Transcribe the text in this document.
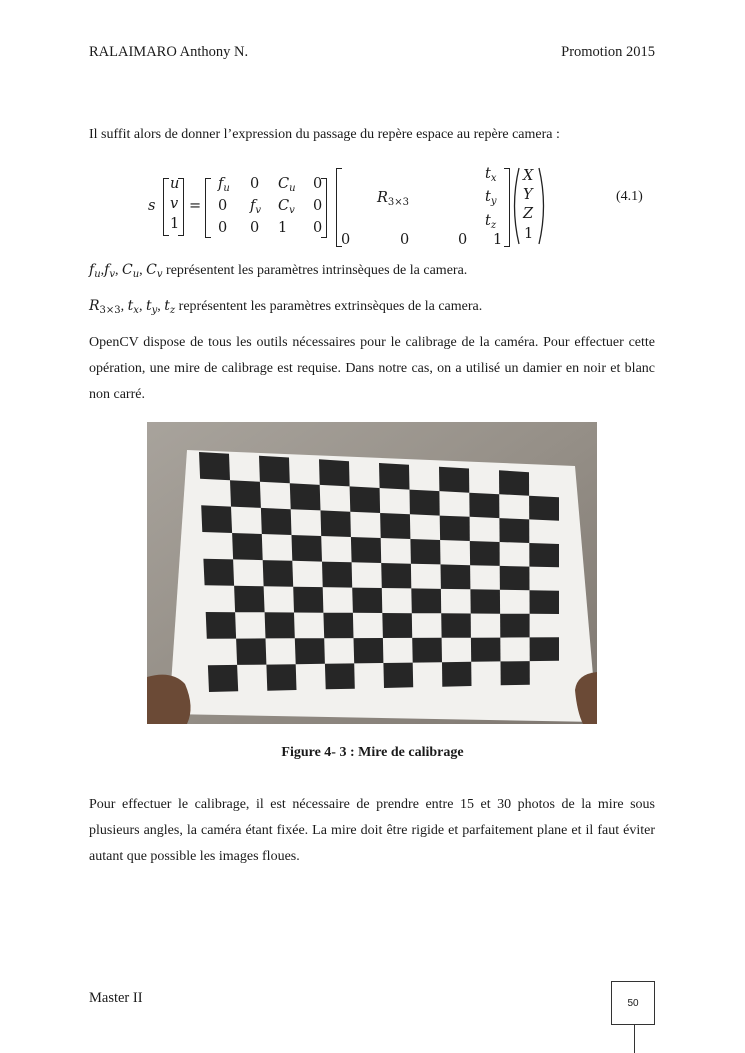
RALAIMARO Anthony N.	Promotion 2015

Il suffit alors de donner l’expression du passage du repère espace au repère camera :

s
u
v
1
=
$f_u$ 0 $C_u$ 0
0 $f_v$ $C_v$ 0
0 0 1 0
$R_{3\times 3}$
$t_x$
$t_y$
$t_z$
0	0	0 1
X
Y
Z
1
(4.1)

$f_u,f_v$, $C_u$, $C_v$ représentent les paramètres intrinsèques de la camera.

$R_{3\times 3}$, $t_x$, $t_y$, $t_z$ représentent les paramètres extrinsèques de la camera.

OpenCV dispose de tous les outils nécessaires pour le calibrage de la caméra. Pour effectuer cette opération, une mire de calibrage est requise. Dans notre cas, on a utilisé un damier en noir et blanc non carré.

Figure 4- 3 : Mire de calibrage

Pour effectuer le calibrage, il est nécessaire de prendre entre 15 et 30 photos de la mire sous plusieurs angles, la caméra étant fixée. La mire doit être rigide et parfaitement plane et il faut éviter autant que possible les images floues.

Master II	50
